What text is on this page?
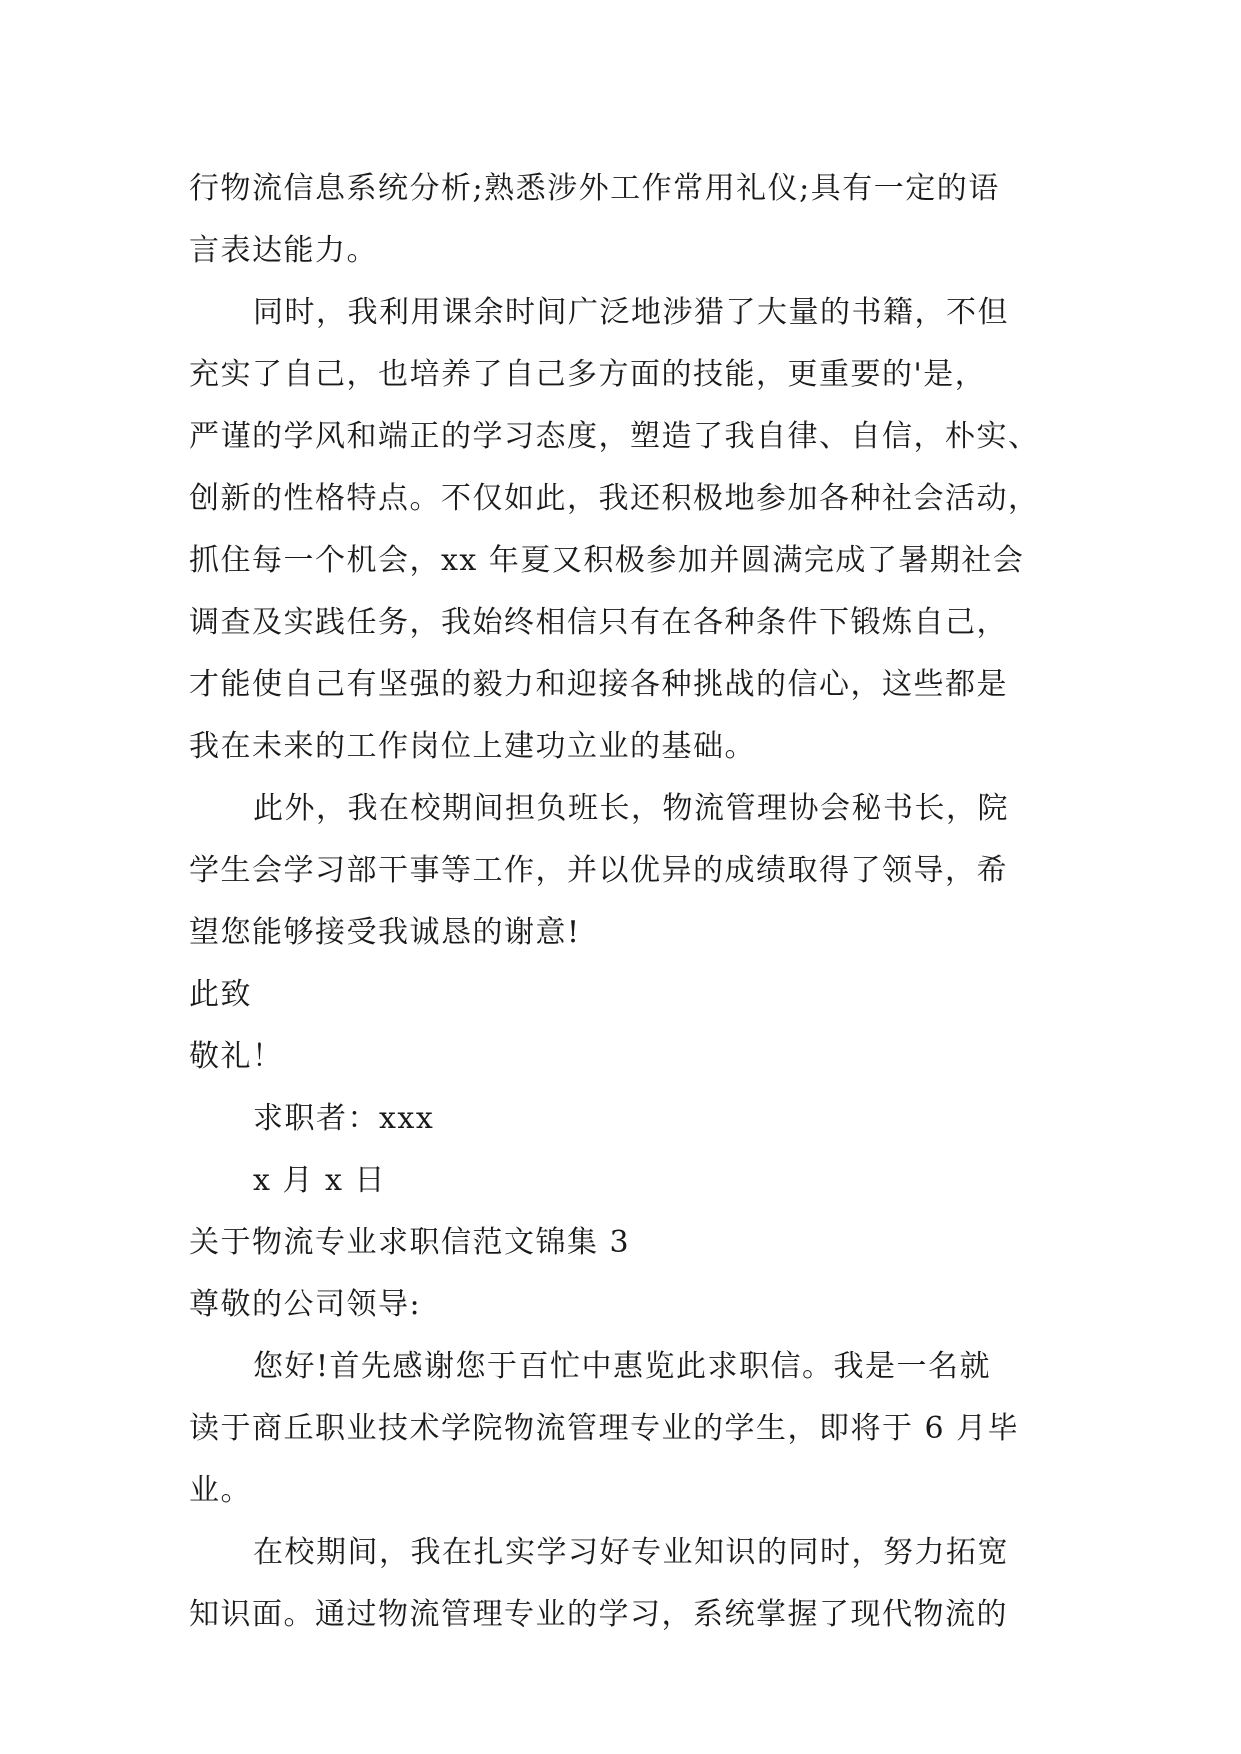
行物流信息系统分析;熟悉涉外工作常用礼仪;具有一定的语
言表达能力。
同时，我利用课余时间广泛地涉猎了大量的书籍，不但
充实了自己，也培养了自己多方面的技能，更重要的'是，
严谨的学风和端正的学习态度，塑造了我自律、自信，朴实、
创新的性格特点。不仅如此，我还积极地参加各种社会活动，
抓住每一个机会，xx 年夏又积极参加并圆满完成了暑期社会
调查及实践任务，我始终相信只有在各种条件下锻炼自己，
才能使自己有坚强的毅力和迎接各种挑战的信心，这些都是
我在未来的工作岗位上建功立业的基础。
此外，我在校期间担负班长，物流管理协会秘书长，院
学生会学习部干事等工作，并以优异的成绩取得了领导，希
望您能够接受我诚恳的谢意!
此致
敬礼！
求职者：xxx
x 月 x 日
关于物流专业求职信范文锦集 3
尊敬的公司领导:
您好!首先感谢您于百忙中惠览此求职信。我是一名就
读于商丘职业技术学院物流管理专业的学生，即将于 6 月毕
业。
在校期间，我在扎实学习好专业知识的同时，努力拓宽
知识面。通过物流管理专业的学习，系统掌握了现代物流的
